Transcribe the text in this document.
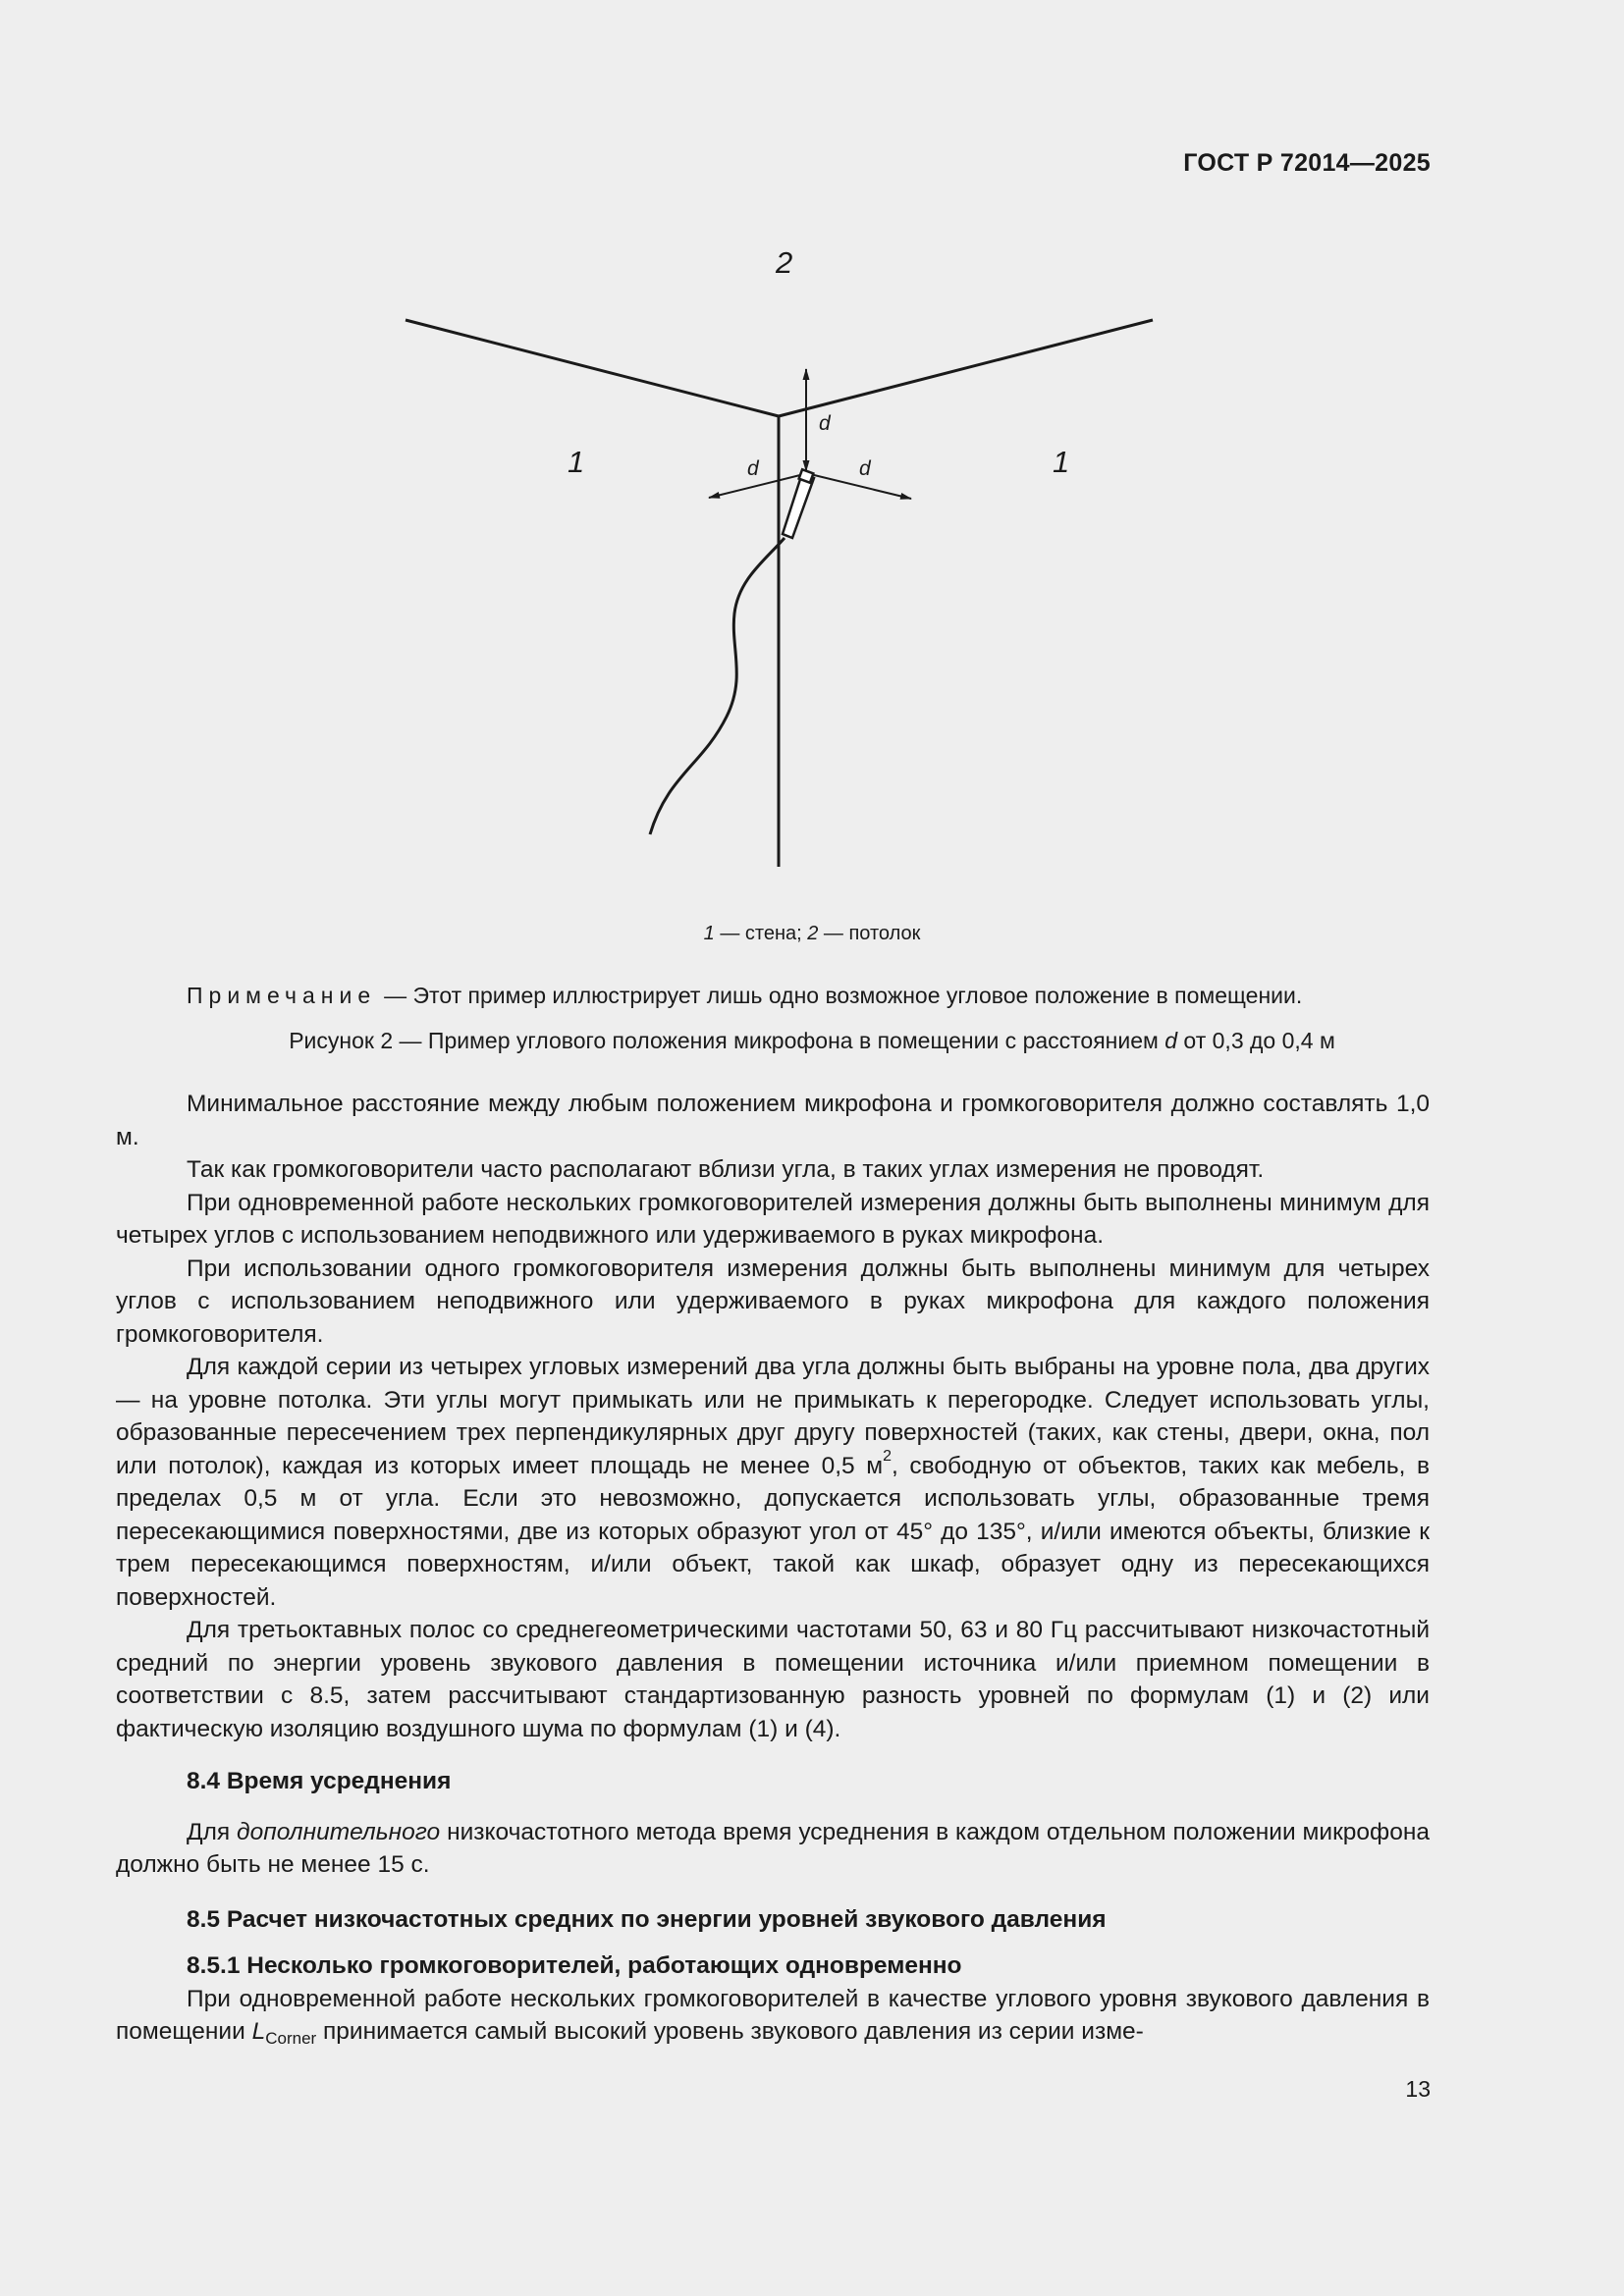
ГОСТ Р 72014—2025
2
1	1
d
d	d
1 — стена; 2 — потолок
Примечание — Этот пример иллюстрирует лишь одно возможное угловое положение в помещении.
Рисунок 2 — Пример углового положения микрофона в помещении с расстоянием d от 0,3 до 0,4 м

Минимальное расстояние между любым положением микрофона и громкоговорителя должно составлять 1,0 м.

Так как громкоговорители часто располагают вблизи угла, в таких углах измерения не проводят.

При одновременной работе нескольких громкоговорителей измерения должны быть выполнены минимум для четырех углов с использованием неподвижного или удерживаемого в руках микрофона.

При использовании одного громкоговорителя измерения должны быть выполнены минимум для четырех углов с использованием неподвижного или удерживаемого в руках микрофона для каждого положения громкоговорителя.

Для каждой серии из четырех угловых измерений два угла должны быть выбраны на уровне пола, два других — на уровне потолка. Эти углы могут примыкать или не примыкать к перегородке. Следует использовать углы, образованные пересечением трех перпендикулярных друг другу поверхностей (таких, как стены, двери, окна, пол или потолок), каждая из которых имеет площадь не менее 0,5 $м^2$, свободную от объектов, таких как мебель, в пределах 0,5 м от угла. Если это невозможно, допускается использовать углы, образованные тремя пересекающимися поверхностями, две из которых образуют угол от 45° до 135°, и/или имеются объекты, близкие к трем пересекающимся поверхностям, и/или объект, такой как шкаф, образует одну из пересекающихся поверхностей.

Для третьоктавных полос со среднегеометрическими частотами 50, 63 и 80 Гц рассчитывают низкочастотный средний по энергии уровень звукового давления в помещении источника и/или приемном помещении в соответствии с 8.5, затем рассчитывают стандартизованную разность уровней по формулам (1) и (2) или фактическую изоляцию воздушного шума по формулам (1) и (4).

8.4 Время усреднения

Для дополнительного низкочастотного метода время усреднения в каждом отдельном положении микрофона должно быть не менее 15 с.

8.5 Расчет низкочастотных средних по энергии уровней звукового давления
8.5.1 Несколько громкоговорителей, работающих одновременно

При одновременной работе нескольких громкоговорителей в качестве углового уровня звукового давления в помещении $L_{Corner}$ принимается самый высокий уровень звукового давления из серии изме-

13
